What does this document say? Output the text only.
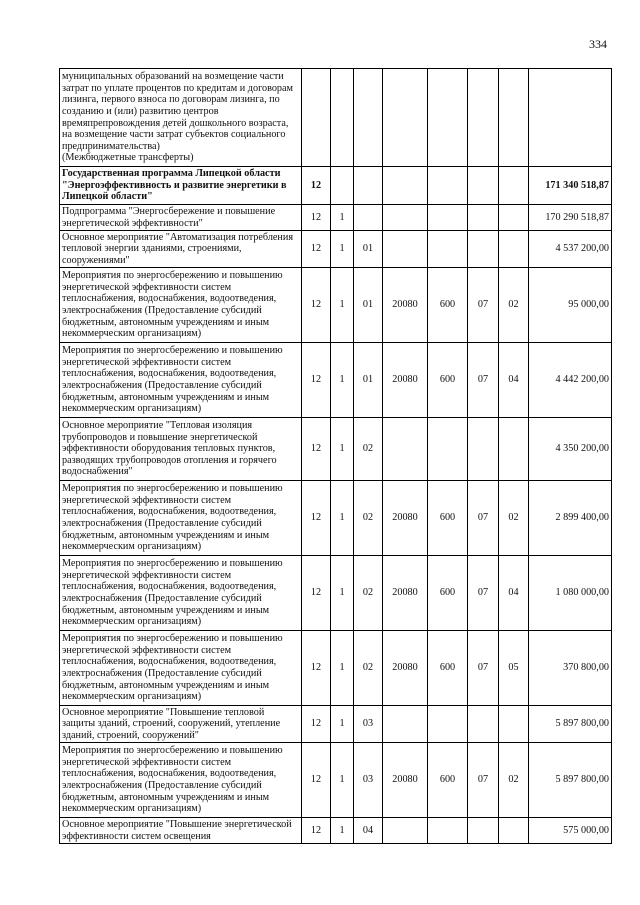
334
муниципальных образований на возмещение части затрат по уплате процентов по кредитам и договорам лизинга, первого взноса по договорам лизинга, по созданию и (или) развитию центров времяпрепровождения детей дошкольного возраста, на возмещение части затрат субъектов социального предпринимательства)
(Межбюджетные трансферты)								
Государственная программа Липецкой области "Энергоэффективность и развитие энергетики в Липецкой области"	12							171 340 518,87
Подпрограмма "Энергосбережение и повышение энергетической эффективности"	12	1						170 290 518,87
Основное мероприятие "Автоматизация потребления тепловой энергии зданиями, строениями, сооружениями"	12	1	01					4 537 200,00
Мероприятия по энергосбережению и повышению энергетической эффективности систем теплоснабжения, водоснабжения, водоотведения, электроснабжения (Предоставление субсидий бюджетным, автономным учреждениям и иным некоммерческим организациям)	12	1	01	20080	600	07	02	95 000,00
Мероприятия по энергосбережению и повышению энергетической эффективности систем теплоснабжения, водоснабжения, водоотведения, электроснабжения (Предоставление субсидий бюджетным, автономным учреждениям и иным некоммерческим организациям)	12	1	01	20080	600	07	04	4 442 200,00
Основное мероприятие "Тепловая изоляция трубопроводов и повышение энергетической эффективности оборудования тепловых пунктов, разводящих трубопроводов отопления и горячего водоснабжения"	12	1	02					4 350 200,00
Мероприятия по энергосбережению и повышению энергетической эффективности систем теплоснабжения, водоснабжения, водоотведения, электроснабжения (Предоставление субсидий бюджетным, автономным учреждениям и иным некоммерческим организациям)	12	1	02	20080	600	07	02	2 899 400,00
Мероприятия по энергосбережению и повышению энергетической эффективности систем теплоснабжения, водоснабжения, водоотведения, электроснабжения (Предоставление субсидий бюджетным, автономным учреждениям и иным некоммерческим организациям)	12	1	02	20080	600	07	04	1 080 000,00
Мероприятия по энергосбережению и повышению энергетической эффективности систем теплоснабжения, водоснабжения, водоотведения, электроснабжения (Предоставление субсидий бюджетным, автономным учреждениям и иным некоммерческим организациям)	12	1	02	20080	600	07	05	370 800,00
Основное мероприятие "Повышение тепловой защиты зданий, строений, сооружений, утепление зданий, строений, сооружений"	12	1	03					5 897 800,00
Мероприятия по энергосбережению и повышению энергетической эффективности систем теплоснабжения, водоснабжения, водоотведения, электроснабжения (Предоставление субсидий бюджетным, автономным учреждениям и иным некоммерческим организациям)	12	1	03	20080	600	07	02	5 897 800,00
Основное мероприятие "Повышение энергетической эффективности систем освещения	12	1	04					575 000,00
